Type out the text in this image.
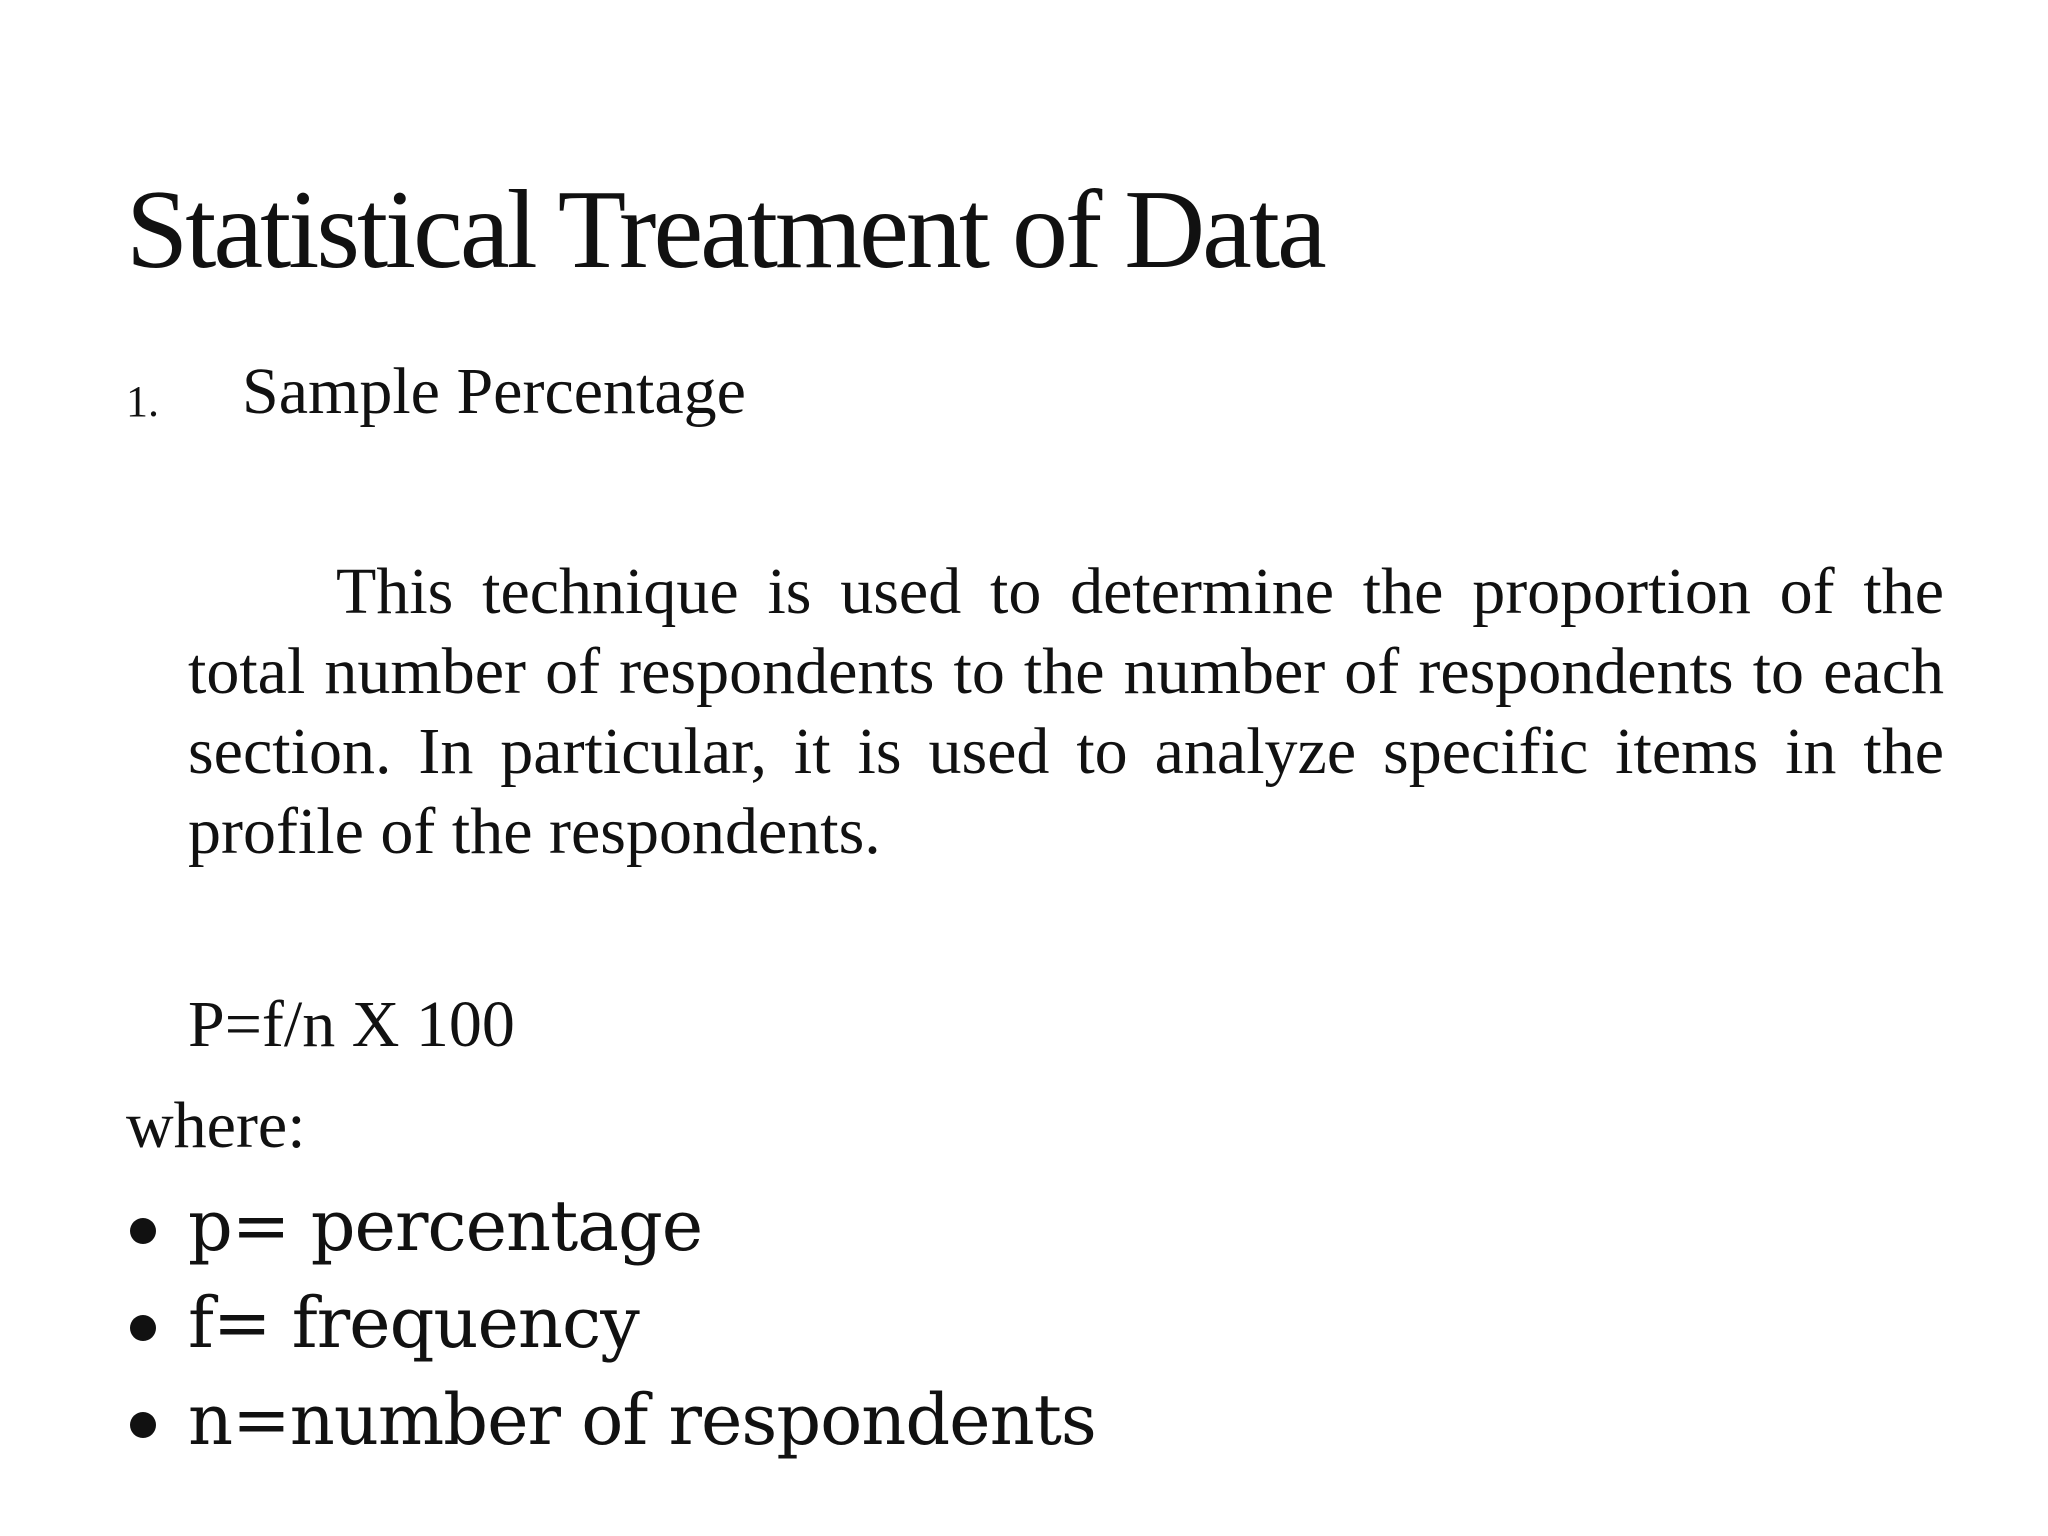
Statistical Treatment of Data
1. Sample Percentage

This technique is used to determine the proportion of the total number of respondents to the number of respondents to each section. In particular, it is used to analyze specific items in the profile of the respondents.

P=f/n X 100
where:
p= percentage
f= frequency
n=number of respondents
